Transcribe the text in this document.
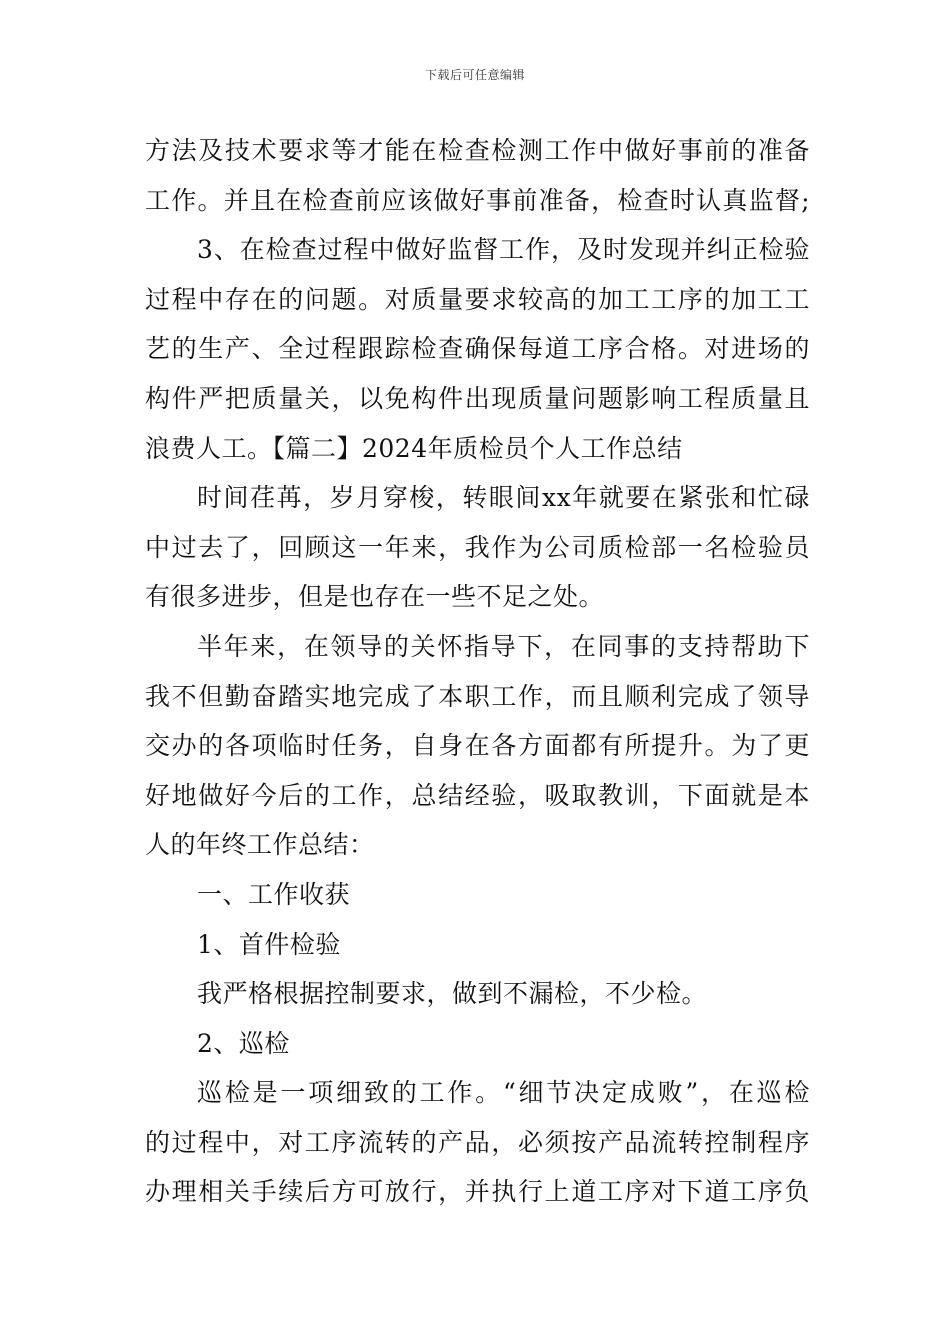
下载后可任意编辑
方法及技术要求等才能在检查检测工作中做好事前的准备
工作。并且在检查前应该做好事前准备，检查时认真监督;
3、在检查过程中做好监督工作，及时发现并纠正检验
过程中存在的问题。对质量要求较高的加工工序的加工工
艺的生产、全过程跟踪检查确保每道工序合格。对进场的
构件严把质量关，以免构件出现质量问题影响工程质量且
浪费人工。【篇二】2024年质检员个人工作总结
时间荏苒，岁月穿梭，转眼间xx年就要在紧张和忙碌
中过去了，回顾这一年来，我作为公司质检部一名检验员
有很多进步，但是也存在一些不足之处。
半年来，在领导的关怀指导下，在同事的支持帮助下
我不但勤奋踏实地完成了本职工作，而且顺利完成了领导
交办的各项临时任务，自身在各方面都有所提升。为了更
好地做好今后的工作，总结经验，吸取教训，下面就是本
人的年终工作总结：
一、工作收获
1、首件检验
我严格根据控制要求，做到不漏检，不少检。
2、巡检
巡检是一项细致的工作。“细节决定成败”，在巡检
的过程中，对工序流转的产品，必须按产品流转控制程序
办理相关手续后方可放行，并执行上道工序对下道工序负
